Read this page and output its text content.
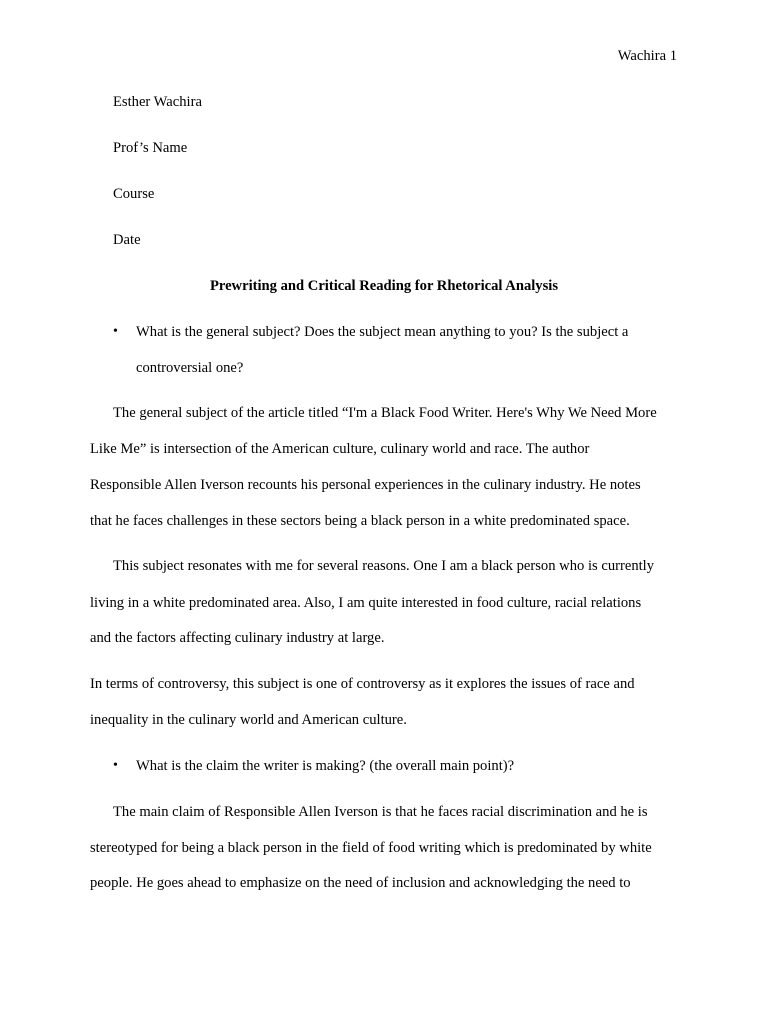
Wachira 1
Esther Wachira
Prof’s Name
Course
Date
Prewriting and Critical Reading for Rhetorical Analysis
• What is the general subject? Does the subject mean anything to you? Is the subject a
controversial one?
The general subject of the article titled “I'm a Black Food Writer. Here's Why We Need More
Like Me” is intersection of the American culture, culinary world and race. The author
Responsible Allen Iverson recounts his personal experiences in the culinary industry. He notes
that he faces challenges in these sectors being a black person in a white predominated space.
This subject resonates with me for several reasons. One I am a black person who is currently
living in a white predominated area. Also, I am quite interested in food culture, racial relations
and the factors affecting culinary industry at large.
In terms of controversy, this subject is one of controversy as it explores the issues of race and
inequality in the culinary world and American culture.
• What is the claim the writer is making? (the overall main point)?
The main claim of Responsible Allen Iverson is that he faces racial discrimination and he is
stereotyped for being a black person in the field of food writing which is predominated by white
people. He goes ahead to emphasize on the need of inclusion and acknowledging the need to
